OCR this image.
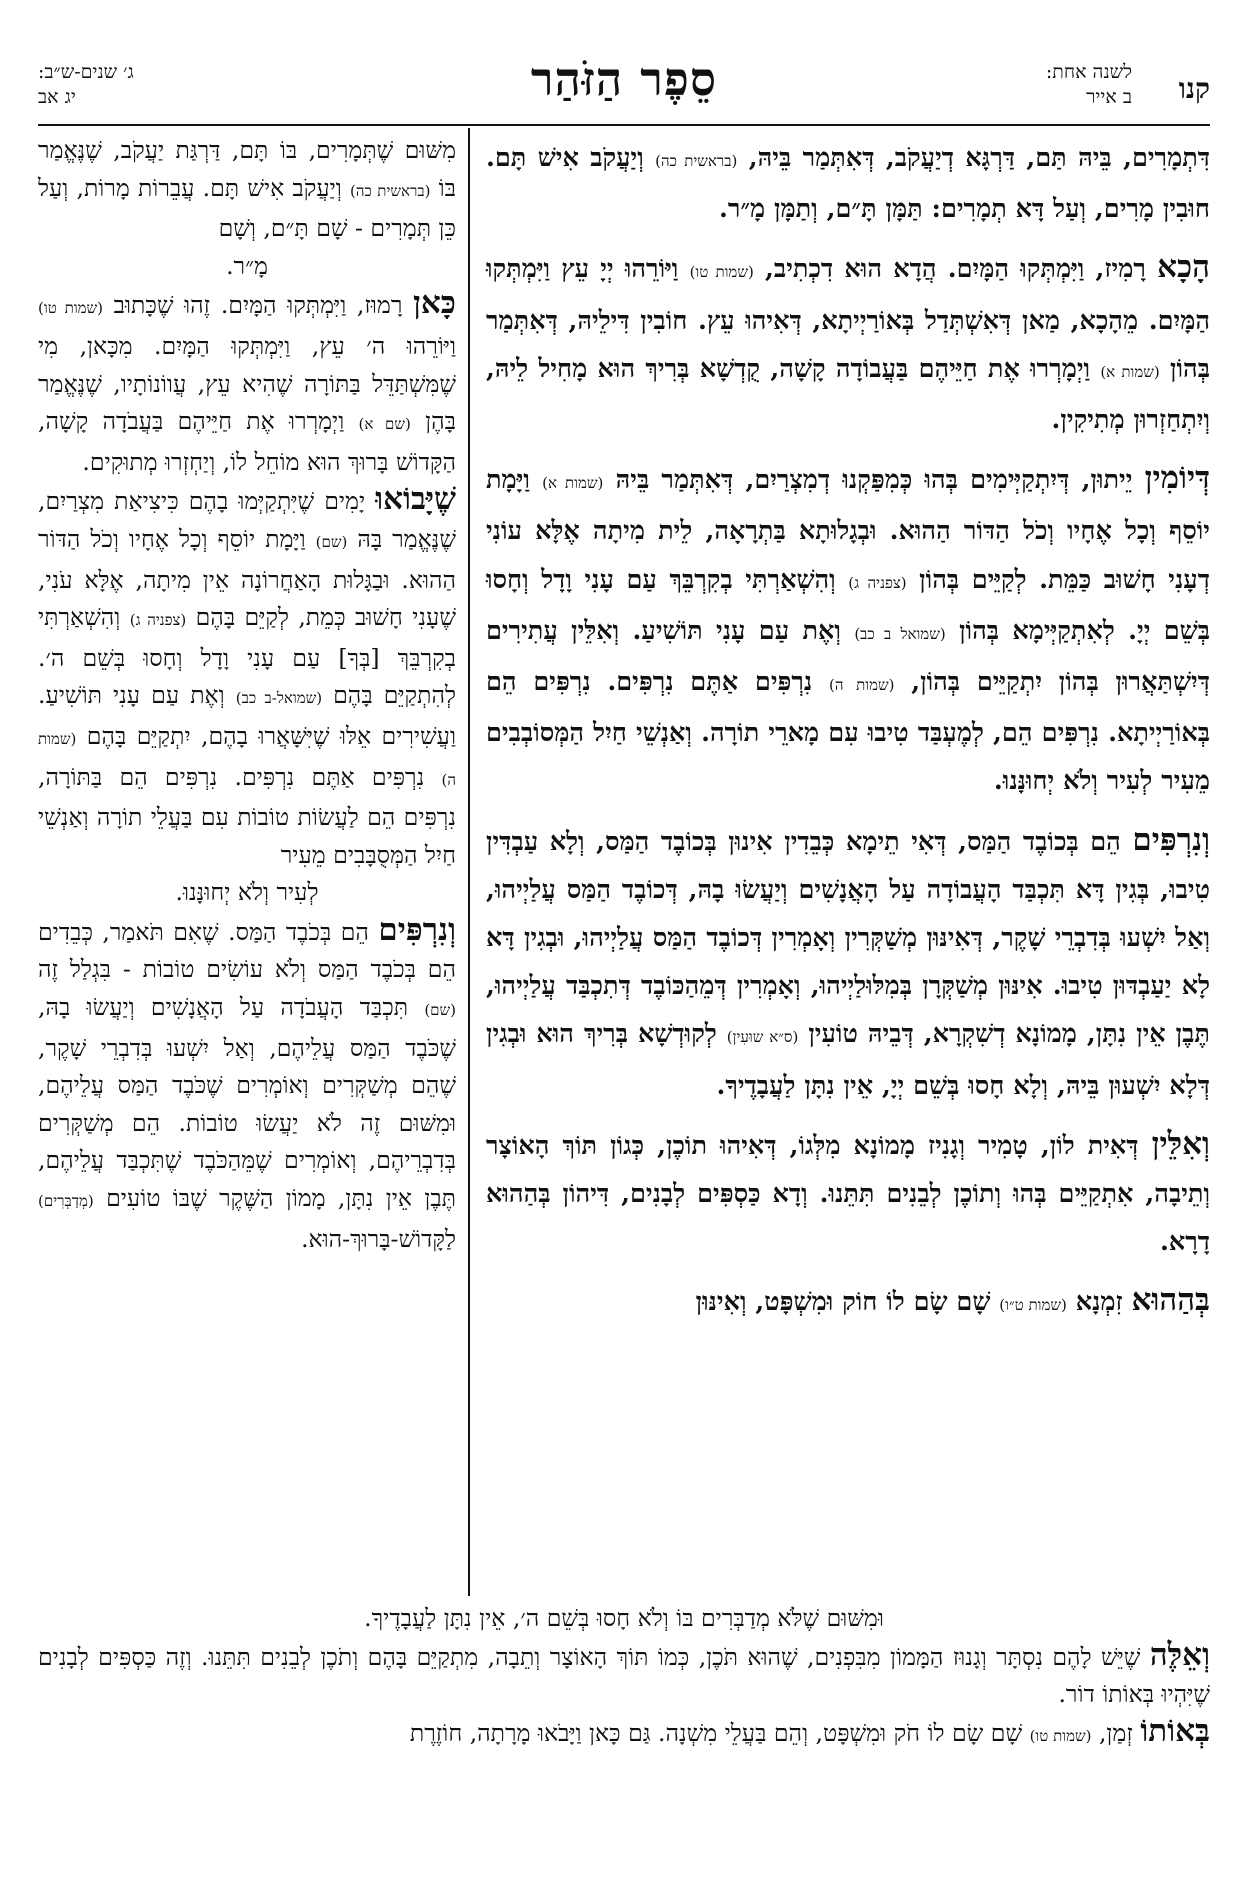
קנו
לשנה אחת:
ב אייר
סֵפֶר הַזֹּהַר
ג׳ שנים-ש״ב:
יג אב

דִּתְמָרִים, בֵּיהּ תַּם, דַּרְגָּא דְיַעֲקֹב, דְּאִתְּמַר בֵּיהּ, (בראשית כה) וְיַעֲקֹב אִישׁ תָּם. חוּבִין מָרִים, וְעַל דָּא תְמָרִים: תַּמָּן תָּ״ם, וְתַמָּן מָ״ר.

הָכָא רָמִיז, וַיִּמְתְּקוּ הַמָּיִם. הֲדָא הוּא דִכְתִיב, (שמות טו) וַיּוֹרֵהוּ יְיָ עֵץ וַיִּמְתְּקוּ הַמָּיִם. מֵהָכָא, מַאן דְּאִשְׁתְּדַל בְּאוֹרַיְיתָא, דְּאִיהוּ עֵץ. חוֹבִין דִּילֵיהּ, דְּאִתְּמַר בְּהוֹן (שמות א) וַיְמָרְרוּ אֶת חַיֵּיהֶם בַּעֲבוֹדָה קָשָׁה, קֻדְשָׁא בְּרִיךְ הוּא מָחִיל לֵיהּ, וְיִתְחַזְרוּן מְתִיקִין.

דְּיוֹמִין יֵיתוּן, דְּיִתְקַיְּימִים בְּהוּ כְּמִפַּקְנוּ דְמִצְרַיִם, דְּאִתְּמַר בֵּיהּ (שמות א) וַיָּמָת יוֹסֵף וְכָל אֶחָיו וְכֹל הַדּוֹר הַהוּא. וּבְגָלוּתָא בַּתְרָאָה, לֵית מִיתָה אֶלָּא עוֹנִי דְעָנִי חָשׁוּב כַּמֵּת. לְקַיֵּים בְּהוֹן (צפניה ג) וְהִשְׁאַרְתִּי בְקִרְבֵּךְ עַם עָנִי וָדָל וְחָסוּ בְּשֵׁם יְיָ. לְאִתְקַיְּימָא בְּהוֹן (שמואל ב כב) וְאֶת עַם עָנִי תּוֹשִׁיעַ. וְאִלֵּין עֲתִירִים דְּיִשְׁתַּאֲרוּן בְּהוֹן יִתְקַיֵּים בְּהוֹן, (שמות ה) נִרְפִּים אַתֶּם נִרְפִּים. נִרְפִּים הֵם בְּאוֹרַיְיתָא. נִרְפִּים הֵם, לְמֶעְבַּד טִיבוּ עִם מָארֵי תוֹרָה. וְאַנְשֵׁי חַיִל הַמְּסוֹבְבִים מֵעִיר לְעִיר וְלֹא יְחוּנָּנוּ.

וְנִרְפִּים הֵם בְּכוֹבֶד הַמַּס, דְּאִי תֵימָא כְּבֵדִין אִינוּן בְּכוֹבֶד הַמַּס, וְלָא עַבְדִּין טִיבוּ, בְּגִין דָּא תִּכְבַּד הָעֲבוֹדָה עַל הָאֲנָשִׁים וְיַעֲשׂוּ בָהּ, דְּכוֹבֶד הַמַּס עֲלַיְיהוּ, וְאַל יִשְׁעוּ בְּדִבְרֵי שָׁקֶר, דְּאִינּוּן מְשַׁקְּרִין וְאָמְרִין דְּכוֹבֶד הַמַּס עֲלַיְיהוּ, וּבְגִין דָּא לָא יַעַבְדּוּן טִיבוּ. אִינּוּן מְשַׁקְּרָן בְּמִלּוּלַיְיהוּ, וְאָמְרִין דְּמֵהַכּוֹבֶד דְּתִכְבַּד עֲלַיְיהוּ, תֶּבֶן אֵין נִתָּן, מָמוֹנָא דְשִׁקְרָא, דְּבֵיהּ טוֹעִין (ס״א שוּעִין) לְקוּדְשָׁא בְּרִיךְ הוּא וּבְגִין דְּלָא יִשְׁעוּן בֵּיהּ, וְלָא חָסוּ בְּשֵׁם יְיָ, אֵין נִתָּן לַעֲבָדֶיךָ.

וְאִלֵּין דְּאִית לוֹן, טָמִיר וְגָנִיז מָמוֹנָא מִלְּגוֹ, דְּאִיהוּ תוֹכֶן, כְּגוֹן תּוֹךְ הָאוֹצָר וְתֵיבָה, אִתְקַיֵּים בְּהוּ וְתוֹכֶן לְבֵנִים תִּתֵּנוּ. וְדָא כַּסְפִּים לְבָנִים, דִּיהוֹן בְּהַהוּא דָרָא.

בְּהַהוּא זִמְנָא (שמות ט״ו) שָׁם שָׂם לוֹ חוֹק וּמִשְׁפָּט, וְאִינּוּן

מִשּׁוּם שֶׁתְּמָרִים, בּוֹ תָּם, דַּרְגַּת יַעֲקֹב, שֶׁנֶּאֱמַר בּוֹ (בראשית כה) וְיַעֲקֹב אִישׁ תָּם. עֲבֵרוֹת מָרוֹת, וְעַל כֵּן תְּמָרִים - שָׁם תָּ״ם, וְשָׁם

מָ״ר.

כָּאן רָמוּז, וַיִּמְתְּקוּ הַמָּיִם. זֶהוּ שֶׁכָּתוּב (שמות טו) וַיּוֹרֵהוּ ה׳ עֵץ, וַיִּמְתְּקוּ הַמָּיִם. מִכָּאן, מִי שֶׁמִּשְׁתַּדֵּל בַּתּוֹרָה שֶׁהִיא עֵץ, עֲווֹנוֹתָיו, שֶׁנֶּאֱמַר בָּהֶן (שם א) וַיְמָרְרוּ אֶת חַיֵּיהֶם בַּעֲבֹדָה קָשָׁה, הַקָּדוֹשׁ בָּרוּךְ הוּא מוֹחֵל לוֹ, וְיַחְזְרוּ מְתוּקִים.

שֶׁיָּבוֹאוּ יָמִים שֶׁיִּתְקַיְּמוּ בָהֶם כִּיצִיאַת מִצְרַיִם, שֶׁנֶּאֱמַר בָּהּ (שם) וַיָּמָת יוֹסֵף וְכָל אֶחָיו וְכֹל הַדּוֹר הַהוּא. וּבַגָּלוּת הָאַחֲרוֹנָה אֵין מִיתָה, אֶלָּא עֹנִי, שֶׁעָנִי חָשׁוּב כְּמֵת, לְקַיֵּם בָּהֶם (צפניה ג) וְהִשְׁאַרְתִּי בְקִרְבֵּךְ [בְּךָ] עַם עָנִי וָדָל וְחָסוּ בְּשֵׁם ה׳. לְהִתְקַיֵּם בָּהֶם (שמואל-ב כב) וְאֶת עַם עָנִי תּוֹשִׁיעַ. וַעֲשִׁירִים אֵלּוּ שֶׁיִּשָּׁאֲרוּ בָהֶם, יִתְקַיֵּם בָּהֶם (שמות ה) נִרְפִּים אַתֶּם נִרְפִּים. נִרְפִּים הֵם בַּתּוֹרָה, נִרְפִּים הֵם לַעֲשׂוֹת טוֹבוֹת עִם בַּעֲלֵי תוֹרָה וְאַנְשֵׁי חַיִל הַמְּסֻבָּבִים מֵעִיר

לְעִיר וְלֹא יְחוּנָּנוּ.

וְנִרְפִּים הֵם בְּכֹבֶד הַמַּס. שֶׁאִם תֹּאמַר, כְּבֵדִים הֵם בְּכֹבֶד הַמַּס וְלֹא עוֹשִׂים טוֹבוֹת - בִּגְלַל זֶה (שם) תִּכְבַּד הָעֲבֹדָה עַל הָאֲנָשִׁים וְיַעֲשׂוּ בָהּ, שֶׁכֹּבֶד הַמַּס עֲלֵיהֶם, וְאַל יִשְׁעוּ בְּדִבְרֵי שָׁקֶר, שֶׁהֵם מְשַׁקְּרִים וְאוֹמְרִים שֶׁכֹּבֶד הַמַּס עֲלֵיהֶם, וּמִשּׁוּם זֶה לֹא יַעֲשׂוּ טוֹבוֹת. הֵם מְשַׁקְּרִים בְּדִבְרֵיהֶם, וְאוֹמְרִים שֶׁמֵּהַכֹּבֶד שֶׁתִּכְבַּד עֲלֵיהֶם, תֶּבֶן אֵין נִתָּן, מָמוֹן הַשֶּׁקֶר שֶׁבּוֹ טוֹעִים (מְדַבְּרִים) לַקָּדוֹשׁ-בָּרוּךְ-הוּא.

וּמִשּׁוּם שֶׁלֹּא מְדַבְּרִים בּוֹ וְלֹא חָסוּ בְּשֵׁם ה׳, אֵין נִתָּן לַעֲבָדֶיךָ.

וְאֵלֶּה שֶׁיֵּשׁ לָהֶם נִסְתָּר וְגָנוּז הַמָּמוֹן מִבִּפְנִים, שֶׁהוּא תֹּכֶן, כְּמוֹ תּוֹךְ הָאוֹצָר וְתֵבָה, מִתְקַיֵּם בָּהֶם וְתֹכֶן לְבֵנִים תִּתֵּנוּ. וְזֶה כַּסְפִּים לְבָנִים שֶׁיִּהְיוּ בְּאוֹתוֹ דוֹר.

בְּאוֹתוֹ זְמַן, (שמות טו) שָׁם שָׂם לוֹ חֹק וּמִשְׁפָּט, וְהֵם בַּעֲלֵי מִשְׁנָה. גַּם כָּאן וַיָּבֹאוּ מָרָתָה, חוֹזֶרֶת
